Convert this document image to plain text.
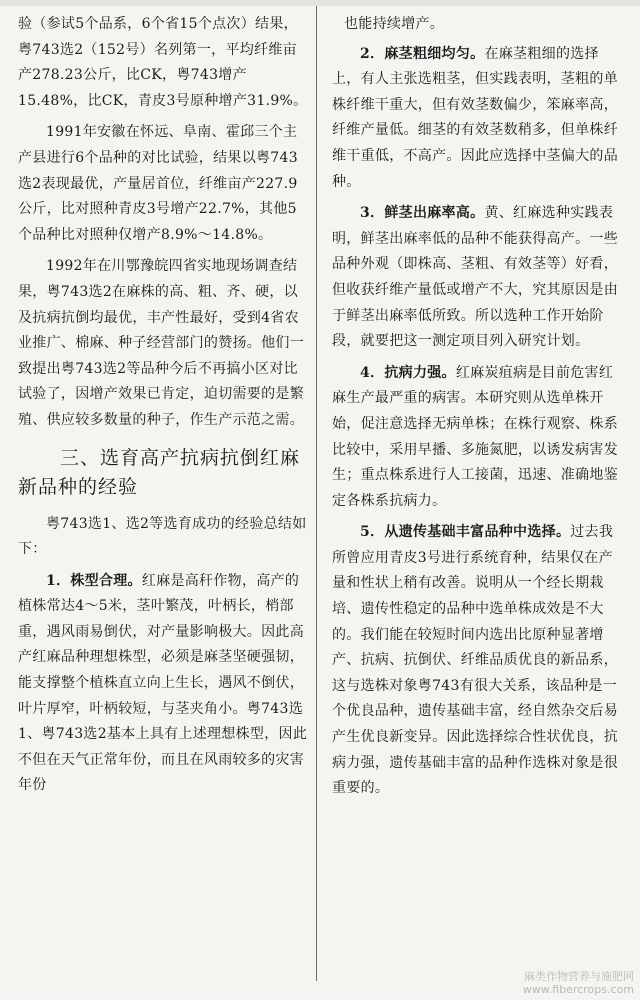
验（参试5个品系，6个省15个点次）结果，粤743选2（152号）名列第一，平均纤维亩产278.23公斤，比CK，粤743增产15.48%，比CK，青皮3号原种增产31.9%。

1991年安徽在怀远、阜南、霍邱三个主产县进行6个品种的对比试验，结果以粤743选2表现最优，产量居首位，纤维亩产227.9公斤，比对照种青皮3号增产22.7%，其他5个品种比对照种仅增产8.9%～14.8%。

1992年在川鄂豫皖四省实地现场调查结果，粤743选2在麻株的高、粗、齐、硬，以及抗病抗倒均最优，丰产性最好，受到4省农业推广、棉麻、种子经营部门的赞扬。他们一致提出粤743选2等品种今后不再搞小区对比试验了，因增产效果已肯定，迫切需要的是繁殖、供应较多数量的种子，作生产示范之需。

三、选育高产抗病抗倒红麻
新品种的经验

粤743选1、选2等选育成功的经验总结如下：

1．株型合理。红麻是高秆作物，高产的植株常达4～5米，茎叶繁茂，叶柄长，梢部重，遇风雨易倒伏，对产量影响极大。因此高产红麻品种理想株型，必须是麻茎坚硬强韧，能支撑整个植株直立向上生长，遇风不倒伏，叶片厚窄，叶柄较短，与茎夹角小。粤743选1、粤743选2基本上具有上述理想株型，因此不但在天气正常年份，而且在风雨较多的灾害年份

也能持续增产。

2．麻茎粗细均匀。在麻茎粗细的选择上，有人主张选粗茎，但实践表明，茎粗的单株纤维干重大，但有效茎数偏少，笨麻率高，纤维产量低。细茎的有效茎数稍多，但单株纤维干重低，不高产。因此应选择中茎偏大的品种。

3．鲜茎出麻率高。黄、红麻选种实践表明，鲜茎出麻率低的品种不能获得高产。一些品种外观（即株高、茎粗、有效茎等）好看，但收获纤维产量低或增产不大，究其原因是由于鲜茎出麻率低所致。所以选种工作开始阶段，就要把这一测定项目列入研究计划。

4．抗病力强。红麻炭疽病是目前危害红麻生产最严重的病害。本研究则从选单株开始，促注意选择无病单株；在株行观察、株系比较中，采用早播、多施氮肥，以诱发病害发生；重点株系进行人工接菌，迅速、准确地鉴定各株系抗病力。

5．从遗传基础丰富品种中选择。过去我所曾应用青皮3号进行系统育种，结果仅在产量和性状上稍有改善。说明从一个经长期栽培、遗传性稳定的品种中选单株成效是不大的。我们能在较短时间内选出比原种显著增产、抗病、抗倒伏、纤维品质优良的新品系，这与选株对象粤743有很大关系，该品种是一个优良品种，遗传基础丰富，经自然杂交后易产生优良新变异。因此选择综合性状优良，抗病力强，遗传基础丰富的品种作选株对象是很重要的。

麻类作物营养与施肥网
www.fibercrops.com
